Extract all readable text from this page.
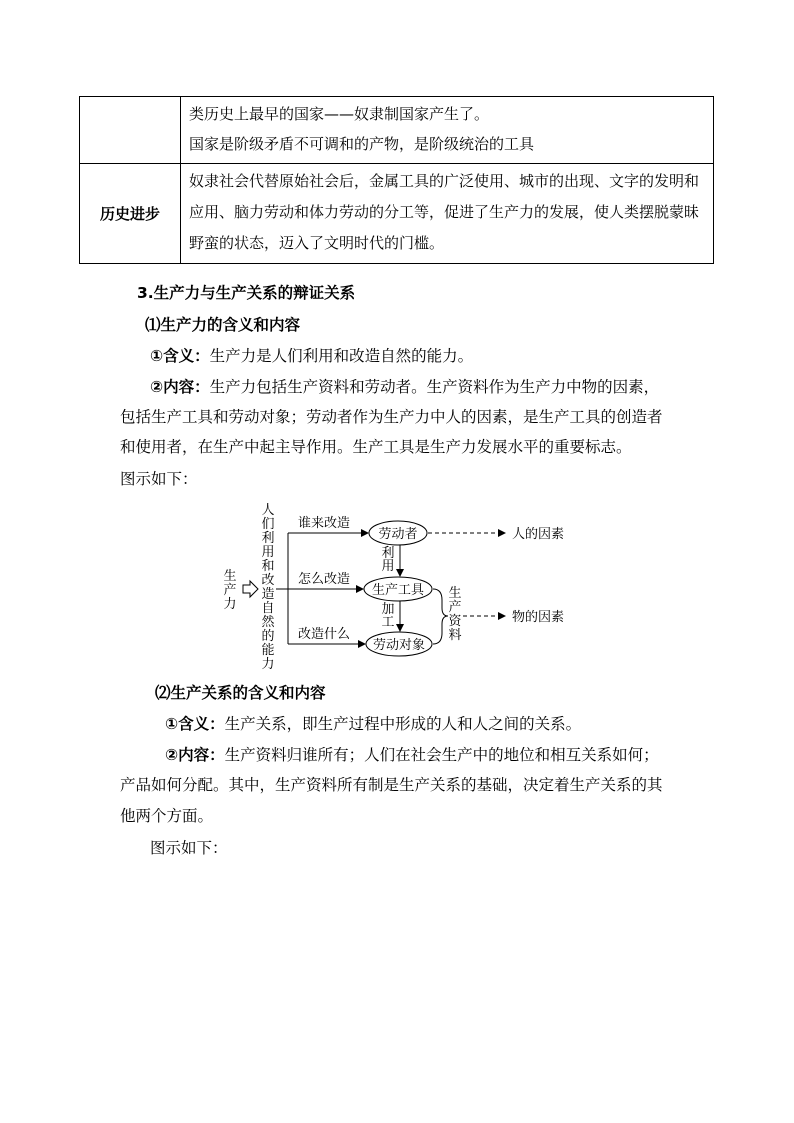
	类历史上最早的国家——奴隶制国家产生了。
国家是阶级矛盾不可调和的产物，是阶级统治的工具

历史进步	奴隶社会代替原始社会后，金属工具的广泛使用、城市的出现、文字的发明和应用、脑力劳动和体力劳动的分工等，促进了生产力的发展，使人类摆脱蒙昧野蛮的状态，迈入了文明时代的门槛。
3.生产力与生产关系的辩证关系
⑴生产力的含义和内容
①含义：生产力是人们利用和改造自然的能力。
②内容：生产力包括生产资料和劳动者。生产资料作为生产力中物的因素，
包括生产工具和劳动对象；劳动者作为生产力中人的因素，是生产工具的创造者
和使用者，在生产中起主导作用。生产工具是生产力发展水平的重要标志。
图示如下：
生
产
力
人
们
利
用
和
改
造
自
然
的
能
力
谁来改造
怎么改造
改造什么
劳动者
生产工具
劳动对象
利
用
加
工
人的因素
生
产
资
料
物的因素
⑵生产关系的含义和内容
①含义：生产关系，即生产过程中形成的人和人之间的关系。
②内容：生产资料归谁所有；人们在社会生产中的地位和相互关系如何；
产品如何分配。其中，生产资料所有制是生产关系的基础，决定着生产关系的其
他两个方面。
图示如下：
